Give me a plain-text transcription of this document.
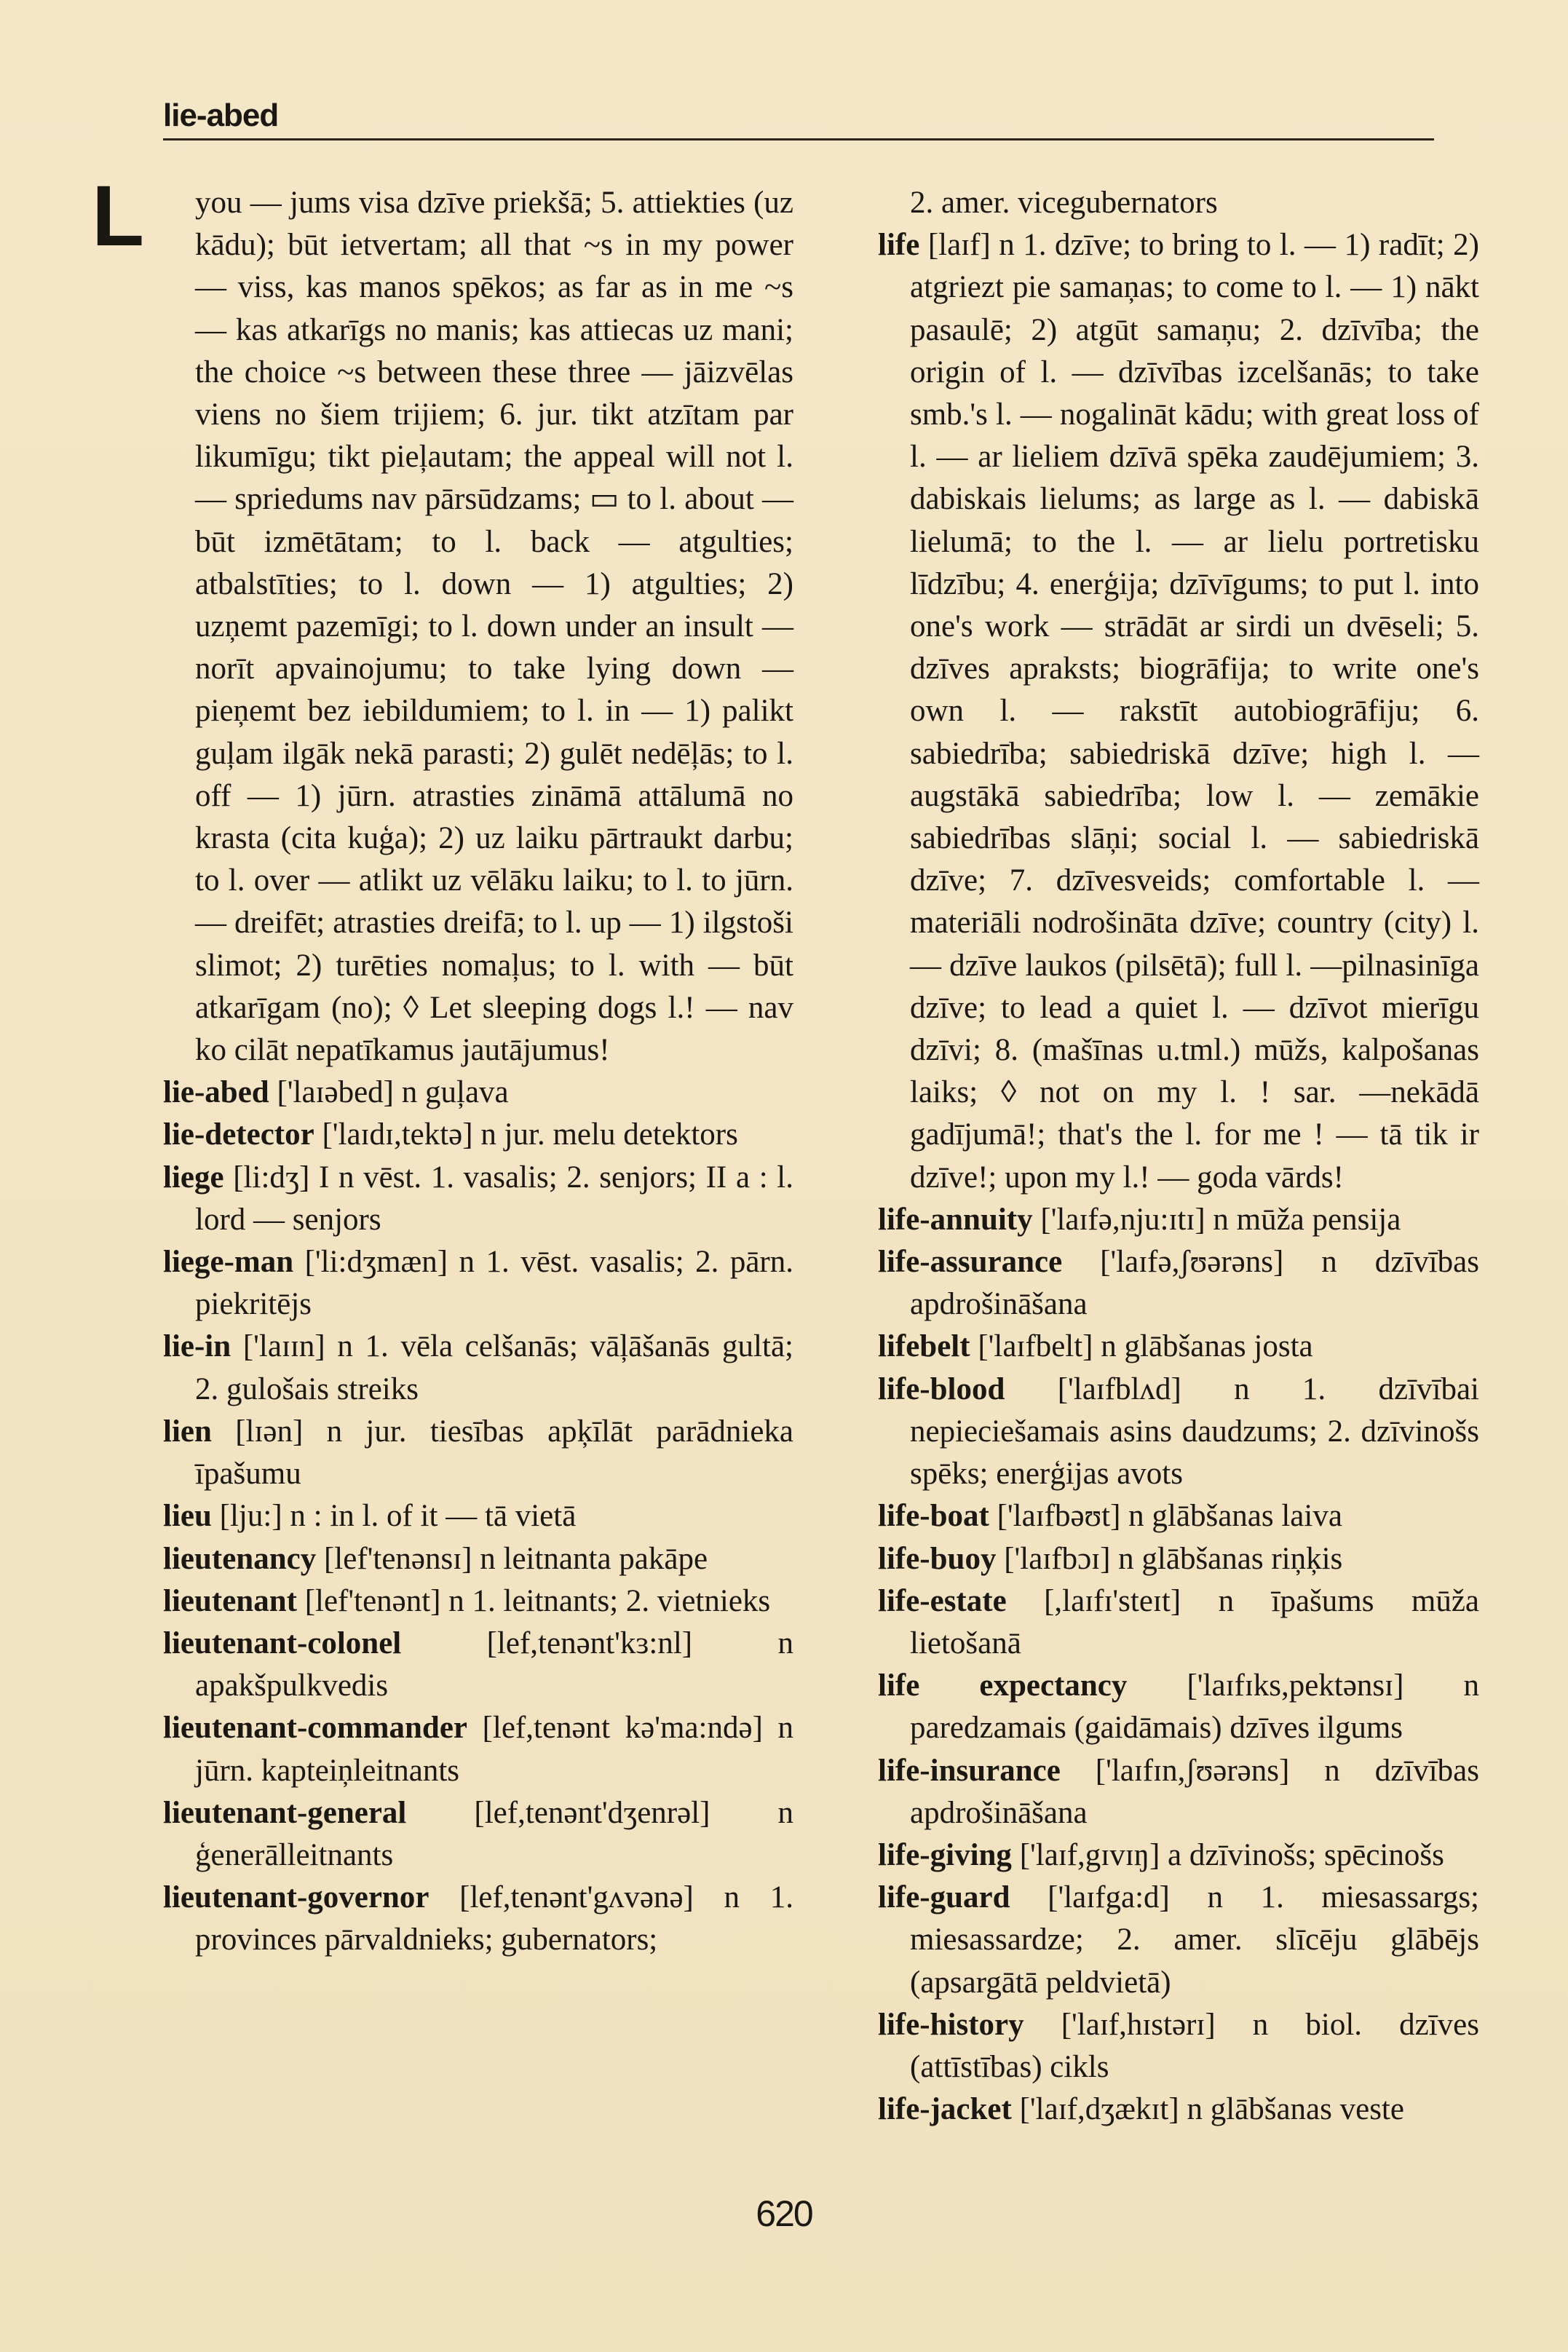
lie-abed
L	you — jums visa dzīve priekšā; 5. attiekties (uz kādu); būt ietvertam; all that ~s in my power — viss, kas manos spēkos; as far as in me ~s — kas atkarīgs no manis; kas attiecas uz mani; the choice ~s between these three — jāizvēlas viens no šiem trijiem; 6. jur. tikt atzītam par likumīgu; tikt pieļautam; the appeal will not l. — spriedums nav pārsūdzams; ▭ to l. about — būt izmētātam; to l. back — atgulties; atbalstīties; to l. down — 1) atgulties; 2) uzņemt pazemīgi; to l. down under an insult — norīt apvainojumu; to take lying down — pieņemt bez iebildumiem; to l. in — 1) palikt guļam ilgāk nekā parasti; 2) gulēt nedēļās; to l. off — 1) jūrn. atrasties zināmā attālumā no krasta (cita kuģa); 2) uz laiku pārtraukt darbu; to l. over — atlikt uz vēlāku laiku; to l. to jūrn. — dreifēt; atrasties dreifā; to l. up — 1) ilgstoši slimot; 2) turēties nomaļus; to l. with — būt atkarīgam (no); ◊ Let sleeping dogs l.! — nav ko cilāt nepatīkamus jautājumus!

lie-abed ['laɪəbed] n guļava

lie-detector ['laɪdɪ,tektə] n jur. melu detektors

liege [li:dʒ] I n vēst. 1. vasalis; 2. senjors; II a : l. lord — senjors

liege-man ['li:dʒmæn] n 1. vēst. vasalis; 2. pārn. piekritējs

lie-in ['laɪɪn] n 1. vēla celšanās; vāļāšanās gultā; 2. gulošais streiks

lien [lɪən] n jur. tiesības apķīlāt parādnieka īpašumu

lieu [lju:] n : in l. of it — tā vietā

lieutenancy [lef'tenənsɪ] n leitnanta pakāpe

lieutenant [lef'tenənt] n 1. leitnants; 2. vietnieks

lieutenant-colonel [lef,tenənt'kɜ:nl] n apakšpulkvedis

lieutenant-commander [lef,tenənt kə'ma:ndə] n jūrn. kapteiņleitnants

lieutenant-general [lef,tenənt'dʒenrəl] n ģenerālleitnants

lieutenant-governor [lef,tenənt'gʌvənə] n 1. provinces pārvaldnieks; gubernators;

2. amer. vicegubernators

life [laɪf] n 1. dzīve; to bring to l. — 1) radīt; 2) atgriezt pie samaņas; to come to l. — 1) nākt pasaulē; 2) atgūt samaņu; 2. dzīvība; the origin of l. — dzīvības izcelšanās; to take smb.'s l. — nogalināt kādu; with great loss of l. — ar lieliem dzīvā spēka zaudējumiem; 3. dabiskais lielums; as large as l. — dabiskā lielumā; to the l. — ar lielu portretisku līdzību; 4. enerģija; dzīvīgums; to put l. into one's work — strādāt ar sirdi un dvēseli; 5. dzīves apraksts; biogrāfija; to write one's own l. — rakstīt autobiogrāfiju; 6. sabiedrība; sabiedriskā dzīve; high l. —augstākā sabiedrība; low l. — zemākie sabiedrības slāņi; social l. — sabiedriskā dzīve; 7. dzīvesveids; comfortable l. —materiāli nodrošināta dzīve; country (city) l. — dzīve laukos (pilsētā); full l. —pilnasinīga dzīve; to lead a quiet l. — dzīvot mierīgu dzīvi; 8. (mašīnas u.tml.) mūžs, kalpošanas laiks; ◊ not on my l. ! sar. —nekādā gadījumā!; that's the l. for me ! — tā tik ir dzīve!; upon my l.! — goda vārds!

life-annuity ['laɪfə,nju:ɪtɪ] n mūža pensija

life-assurance ['laɪfə,ʃʊərəns] n dzīvības apdrošināšana

lifebelt ['laɪfbelt] n glābšanas josta

life-blood ['laɪfblʌd] n 1. dzīvībai nepieciešamais asins daudzums; 2. dzīvinošs spēks; enerģijas avots

life-boat ['laɪfbəʊt] n glābšanas laiva

life-buoy ['laɪfbɔɪ] n glābšanas riņķis

life-estate [,laɪfɪ'steɪt] n īpašums mūža lietošanā

life expectancy ['laɪfɪks,pektənsɪ] n paredzamais (gaidāmais) dzīves ilgums

life-insurance ['laɪfɪn,ʃʊərəns] n dzīvības apdrošināšana

life-giving ['laɪf,gɪvɪŋ] a dzīvinošs; spēcinošs

life-guard ['laɪfga:d] n 1. miesassargs; miesassardze; 2. amer. slīcēju glābējs (apsargātā peldvietā)

life-history ['laɪf,hɪstərɪ] n biol. dzīves (attīstības) cikls

life-jacket ['laɪf,dʒækɪt] n glābšanas veste

620
